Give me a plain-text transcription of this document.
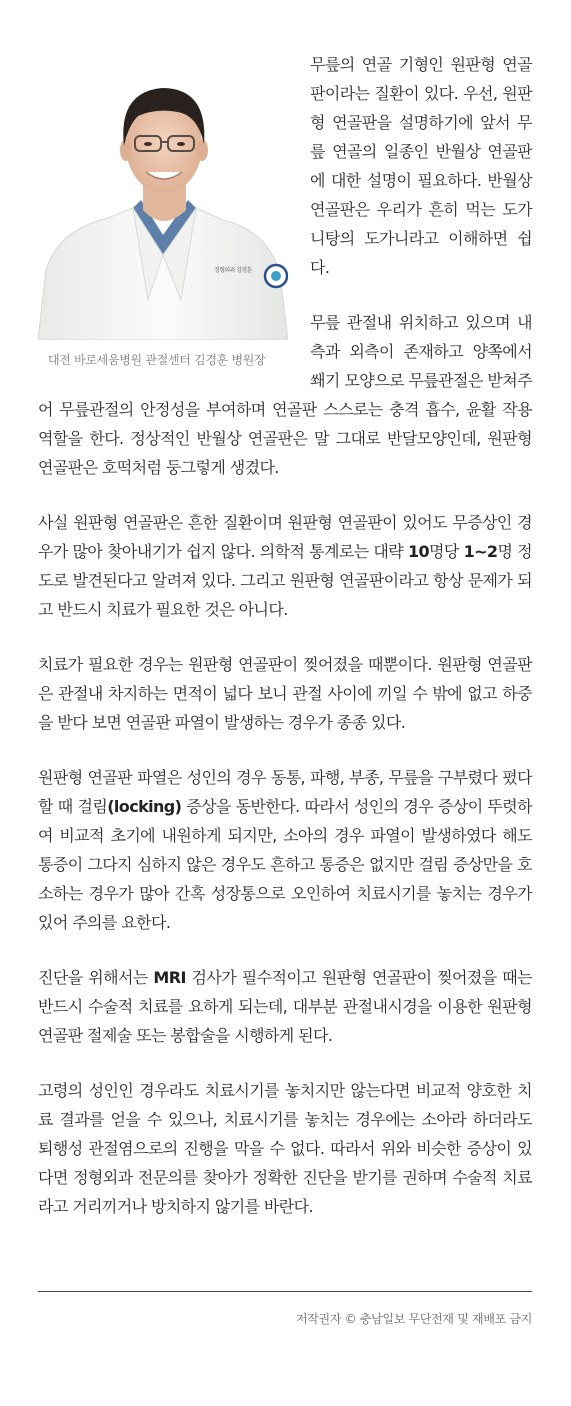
정형외과 김경훈
대전 바로세움병원 관절센터 김경훈 병원장

무릎의 연골 기형인 원판형 연골판이라는 질환이 있다. 우선, 원판형 연골판을 설명하기에 앞서 무릎 연골의 일종인 반월상 연골판에 대한 설명이 필요하다. 반월상 연골판은 우리가 흔히 먹는 도가니탕의 도가니라고 이해하면 쉽다.

무릎 관절내 위치하고 있으며 내측과 외측이 존재하고 양쪽에서 쐐기 모양으로 무릎관절은 받쳐주어 무릎관절의 안정성을 부여하며 연골판 스스로는 충격 흡수, 윤활 작용 역할을 한다. 정상적인 반월상 연골판은 말 그대로 반달모양인데, 원판형 연골판은 호떡처럼 둥그렇게 생겼다.

사실 원판형 연골판은 흔한 질환이며 원판형 연골판이 있어도 무증상인 경우가 많아 찾아내기가 쉽지 않다. 의학적 통계로는 대략 10명당 1~2명 정도로 발견된다고 알려져 있다. 그리고 원판형 연골판이라고 항상 문제가 되고 반드시 치료가 필요한 것은 아니다.

치료가 필요한 경우는 원판형 연골판이 찢어졌을 때뿐이다. 원판형 연골판은 관절내 차지하는 면적이 넓다 보니 관절 사이에 끼일 수 밖에 없고 하중을 받다 보면 연골판 파열이 발생하는 경우가 종종 있다.

원판형 연골판 파열은 성인의 경우 동통, 파행, 부종, 무릎을 구부렸다 폈다 할 때 걸림(locking) 증상을 동반한다. 따라서 성인의 경우 증상이 뚜렷하여 비교적 초기에 내원하게 되지만, 소아의 경우 파열이 발생하였다 해도 통증이 그다지 심하지 않은 경우도 흔하고 통증은 없지만 걸림 증상만을 호소하는 경우가 많아 간혹 성장통으로 오인하여 치료시기를 놓치는 경우가 있어 주의를 요한다.

진단을 위해서는 MRI 검사가 필수적이고 원판형 연골판이 찢어졌을 때는 반드시 수술적 치료를 요하게 되는데, 대부분 관절내시경을 이용한 원판형 연골판 절제술 또는 봉합술을 시행하게 된다.

고령의 성인인 경우라도 치료시기를 놓치지만 않는다면 비교적 양호한 치료 결과를 얻을 수 있으나, 치료시기를 놓치는 경우에는 소아라 하더라도 퇴행성 관절염으로의 진행을 막을 수 없다. 따라서 위와 비슷한 증상이 있다면 정형외과 전문의를 찾아가 정확한 진단을 받기를 권하며 수술적 치료라고 거리끼거나 방치하지 않기를 바란다.

저작권자 © 충남일보 무단전재 및 재배포 금지
